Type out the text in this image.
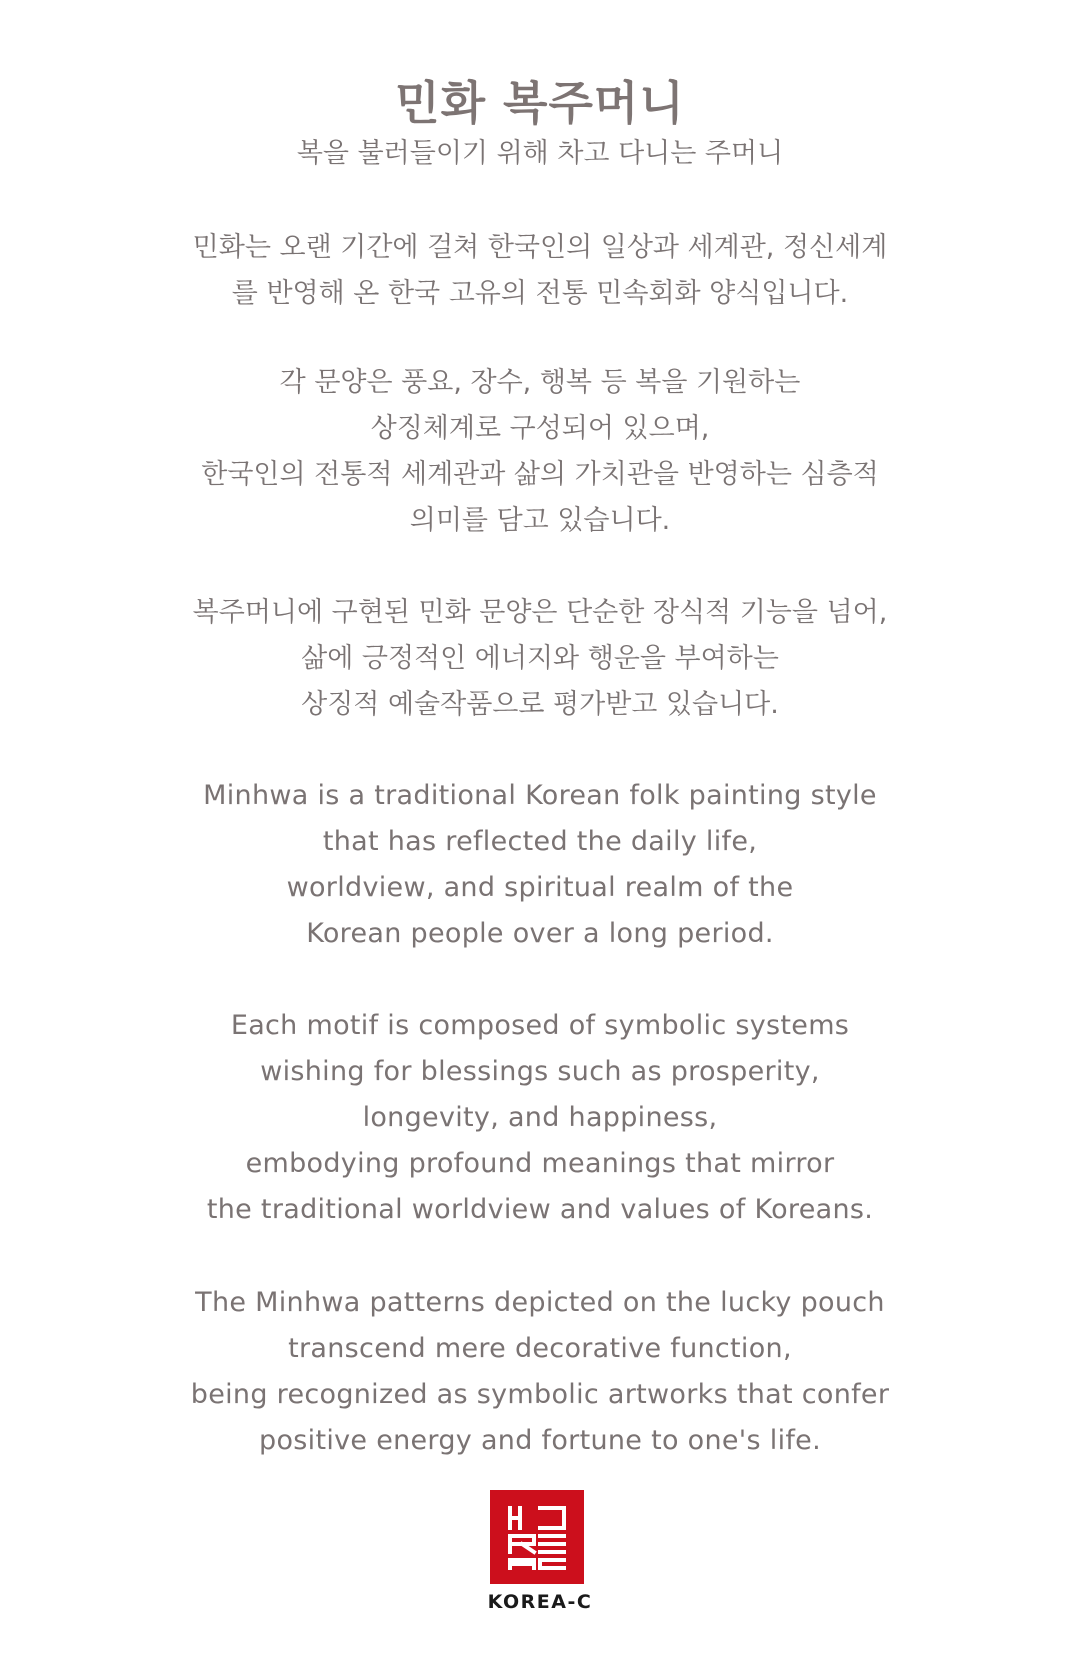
민화 복주머니
복을 불러들이기 위해 차고 다니는 주머니
민화는 오랜 기간에 걸쳐 한국인의 일상과 세계관, 정신세계
를 반영해 온 한국 고유의 전통 민속회화 양식입니다.
각 문양은 풍요, 장수, 행복 등 복을 기원하는
상징체계로 구성되어 있으며,
한국인의 전통적 세계관과 삶의 가치관을 반영하는 심층적
의미를 담고 있습니다.
복주머니에 구현된 민화 문양은 단순한 장식적 기능을 넘어,
삶에 긍정적인 에너지와 행운을 부여하는
상징적 예술작품으로 평가받고 있습니다.
Minhwa is a traditional Korean folk painting style
that has reflected the daily life,
worldview, and spiritual realm of the
Korean people over a long period.
Each motif is composed of symbolic systems
wishing for blessings such as prosperity,
longevity, and happiness,
embodying profound meanings that mirror
the traditional worldview and values of Koreans.
The Minhwa patterns depicted on the lucky pouch
transcend mere decorative function,
being recognized as symbolic artworks that confer
positive energy and fortune to one's life.
KOREA-C
